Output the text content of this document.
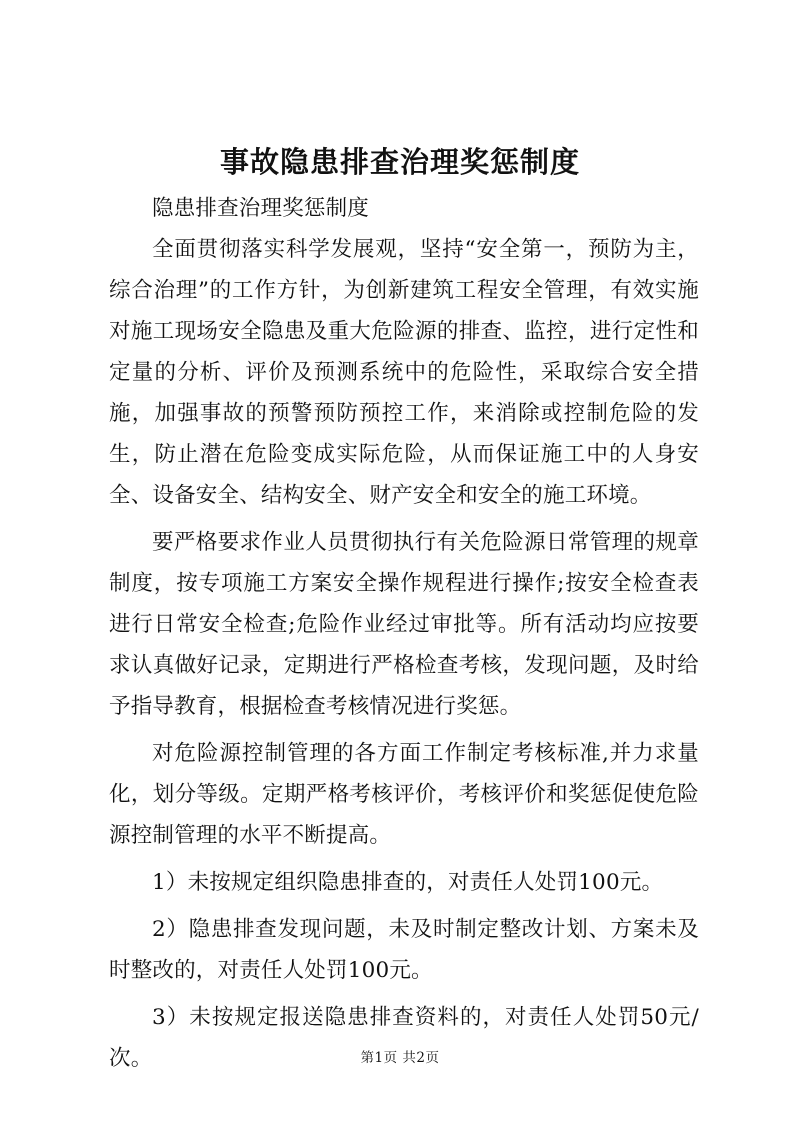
事故隐患排查治理奖惩制度

隐患排查治理奖惩制度

全面贯彻落实科学发展观，坚持“安全第一，预防为主，综合治理”的工作方针，为创新建筑工程安全管理，有效实施对施工现场安全隐患及重大危险源的排查、监控，进行定性和定量的分析、评价及预测系统中的危险性，采取综合安全措施，加强事故的预警预防预控工作，来消除或控制危险的发生，防止潜在危险变成实际危险，从而保证施工中的人身安全、设备安全、结构安全、财产安全和安全的施工环境。

要严格要求作业人员贯彻执行有关危险源日常管理的规章制度，按专项施工方案安全操作规程进行操作;按安全检查表进行日常安全检查;危险作业经过审批等。所有活动均应按要求认真做好记录，定期进行严格检查考核，发现问题，及时给予指导教育，根据检查考核情况进行奖惩。

对危险源控制管理的各方面工作制定考核标准,并力求量化，划分等级。定期严格考核评价，考核评价和奖惩促使危险源控制管理的水平不断提高。

1）未按规定组织隐患排查的，对责任人处罚100元。

2）隐患排查发现问题，未及时制定整改计划、方案未及时整改的，对责任人处罚100元。

3）未按规定报送隐患排查资料的，对责任人处罚50元/次。	第1页 共2页
